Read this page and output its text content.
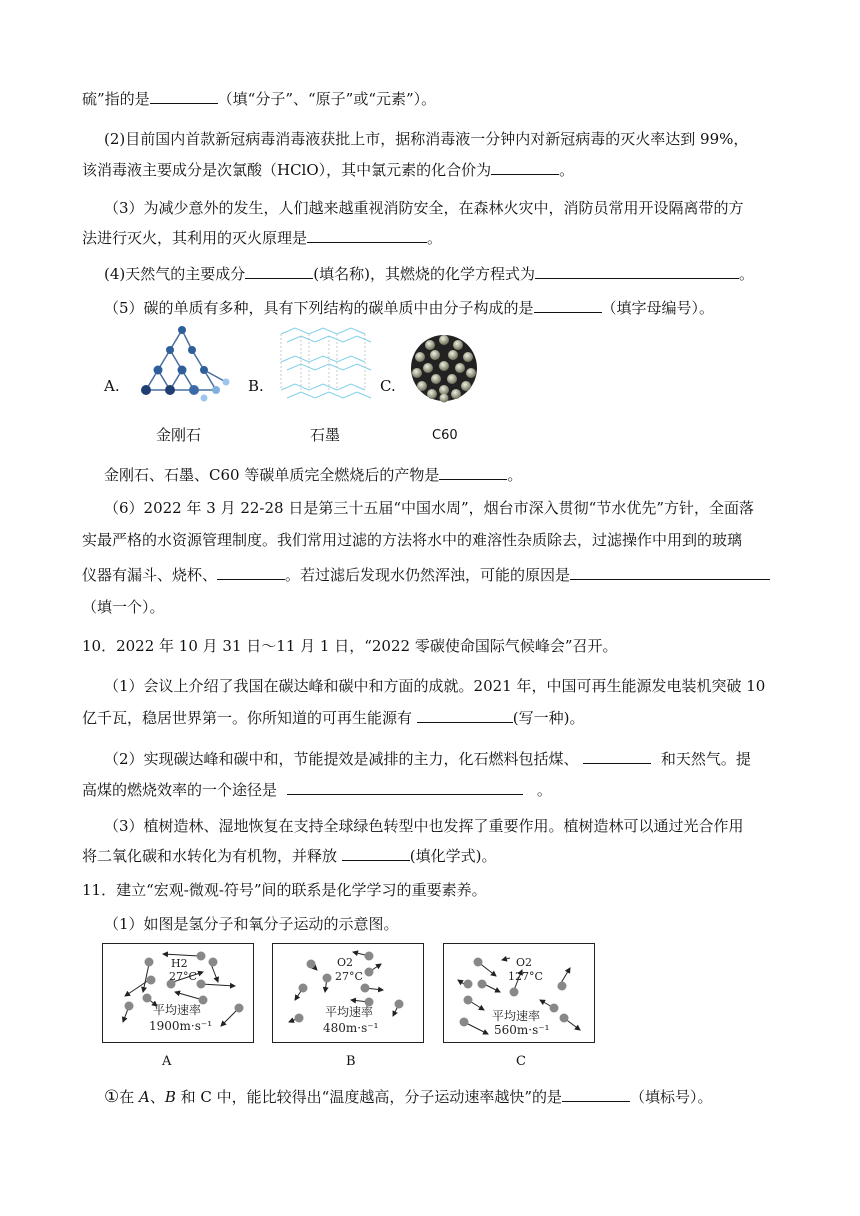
硫”指的是	（填“分子”、“原子”或“元素”）。
(2)目前国内首款新冠病毒消毒液获批上市，据称消毒液一分钟内对新冠病毒的灭火率达到 99%，
该消毒液主要成分是次氯酸（HClO），其中氯元素的化合价为	。
（3）为减少意外的发生，人们越来越重视消防安全，在森林火灾中，消防员常用开设隔离带的方
法进行灭火，其利用的灭火原理是	。
(4)天然气的主要成分	(填名称)，其燃烧的化学方程式为	。
（5）碳的单质有多种，具有下列结构的碳单质中由分子构成的是	（填字母编号）。
A.
金刚石
B.
石墨
C.
C60
金刚石、石墨、C60 等碳单质完全燃烧后的产物是	。
（6）2022 年 3 月 22-28 日是第三十五届“中国水周”，烟台市深入贯彻“节水优先”方针，全面落
实最严格的水资源管理制度。我们常用过滤的方法将水中的难溶性杂质除去，过滤操作中用到的玻璃
仪器有漏斗、烧杯、	。若过滤后发现水仍然浑浊，可能的原因是
（填一个）。
10．2022 年 10 月 31 日～11 月 1 日，“2022 零碳使命国际气候峰会”召开。
（1）会议上介绍了我国在碳达峰和碳中和方面的成就。2021 年，中国可再生能源发电装机突破 10
亿千瓦，稳居世界第一。你所知道的可再生能源有	(写一种)。
（2）实现碳达峰和碳中和，节能提效是减排的主力，化石燃料包括煤、	和天然气。提
高煤的燃烧效率的一个途径是	。
（3）植树造林、湿地恢复在支持全球绿色转型中也发挥了重要作用。植树造林可以通过光合作用
将二氧化碳和水转化为有机物，并释放	(填化学式)。
11．建立“宏观-微观-符号”间的联系是化学学习的重要素养。
（1）如图是氢分子和氧分子运动的示意图。
H2
27°C
平均速率
1900m·s⁻¹
A
O2
27°C
平均速率
480m·s⁻¹
B
O2
127°C
平均速率
560m·s⁻¹
C
①在 𝐴、𝐵 和 C 中，能比较得出“温度越高，分子运动速率越快”的是	（填标号）。
